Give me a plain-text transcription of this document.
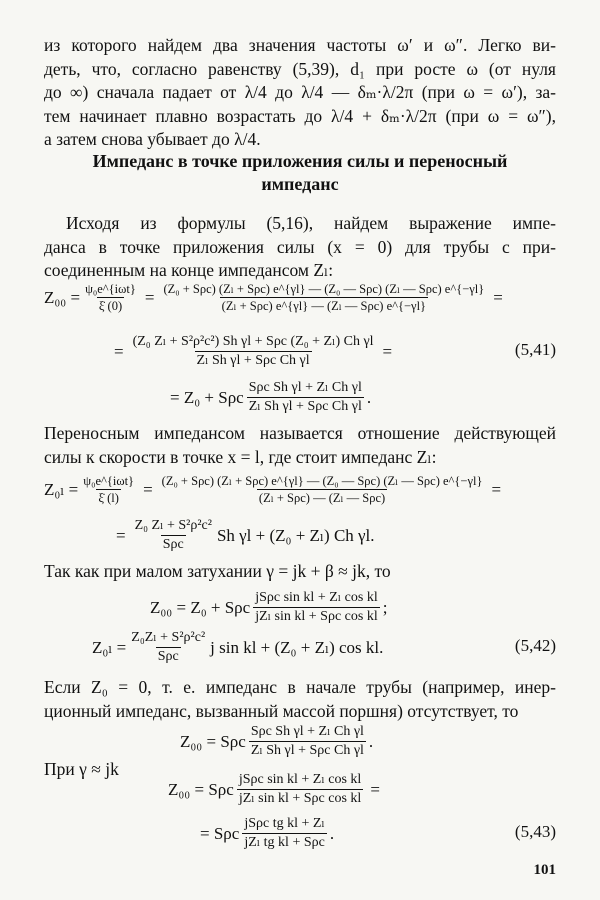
из которого найдем два значения частоты ω′ и ω″. Легко ви-
деть, что, согласно равенству (5,39), d₁ при росте ω (от нуля
до ∞) сначала падает от λ/4 до λ/4 — δₘ·λ/2π (при ω = ω′), за-
тем начинает плавно возрастать до λ/4 + δₘ·λ/2π (при ω = ω″),
а затем снова убывает до λ/4.
Импеданс в точке приложения силы и переносный
импеданс
Исходя из формулы (5,16), найдем выражение импе-
данса в точке приложения силы (x = 0) для трубы с при-
соединенным на конце импедансом Zₗ:
$Z_{00} = \frac{\text{ψ₀e\textasciicircum{}\{iωt\}}}{\xi̇ (0)} = \frac{\text{(Z₀ + Sρc) (Zₗ + Sρc) e\textasciicircum{}\{γl\} — (Z₀ — Sρc) (Zₗ — Sρc) e\textasciicircum{}\{−γl\}}}{\text{(Zₗ + Sρc) e\textasciicircum{}\{γl\} — (Zₗ — Sρc) e\textasciicircum{}\{−γl\}}}$ =
= $\frac{\text{(Z₀ Zₗ + S²ρ²c²) Sh γl + Sρc (Z₀ + Zₗ) Ch γl}}{\text{Zₗ Sh γl + Sρc Ch γl}}$ =	(5,41)
= Z₀ + Sρc $\frac{\text{Sρc Sh γl + Zₗ Ch γl}}{\text{Zₗ Sh γl + Sρc Ch γl}}$ .
Переносным импедансом называется отношение действующей
силы к скорости в точке x = l, где стоит импеданс Zₗ:
$Z_{0l} = \frac{\text{ψ₀e\textasciicircum{}\{iωt\}}}{\xi̇ (l)} = \frac{\text{(Z₀ + Sρc) (Zₗ + Sρc) e\textasciicircum{}\{γl\} — (Z₀ — Sρc) (Zₗ — Sρc) e\textasciicircum{}\{−γl\}}}{\text{(Zₗ + Sρc) — (Zₗ — Sρc)}}$ =
= $\frac{\text{Z₀ Zₗ + S²ρ²c²}}{\text{Sρc}}$ Sh γl + (Z₀ + Zₗ) Ch γl.
Так как при малом затухании γ = jk + β ≈ jk, то
Z₀₀ = Z₀ + Sρc $\frac{\text{jSρc sin kl + Zₗ cos kl}}{\text{jZₗ sin kl + Sρc cos kl}}$ ;
$Z_{0l} = \frac{\text{Z₀Zₗ + S²ρ²c²}}{\text{Sρc}}$ j sin kl + (Z₀ + Zₗ) cos kl.	(5,42)
Если Z₀ = 0, т. е. импеданс в начале трубы (например, инер-
ционный импеданс, вызванный массой поршня) отсутствует, то
Z₀₀ = Sρc $\frac{\text{Sρc Sh γl + Zₗ Ch γl}}{\text{Zₗ Sh γl + Sρc Ch γl}}$ .
При γ ≈ jk
Z₀₀ = Sρc $\frac{\text{jSρc sin kl + Zₗ cos kl}}{\text{jZₗ sin kl + Sρc cos kl}}$ =
= Sρc $\frac{\text{jSρc tg kl + Zₗ}}{\text{jZₗ tg kl + Sρc}}$ .	(5,43)
101
